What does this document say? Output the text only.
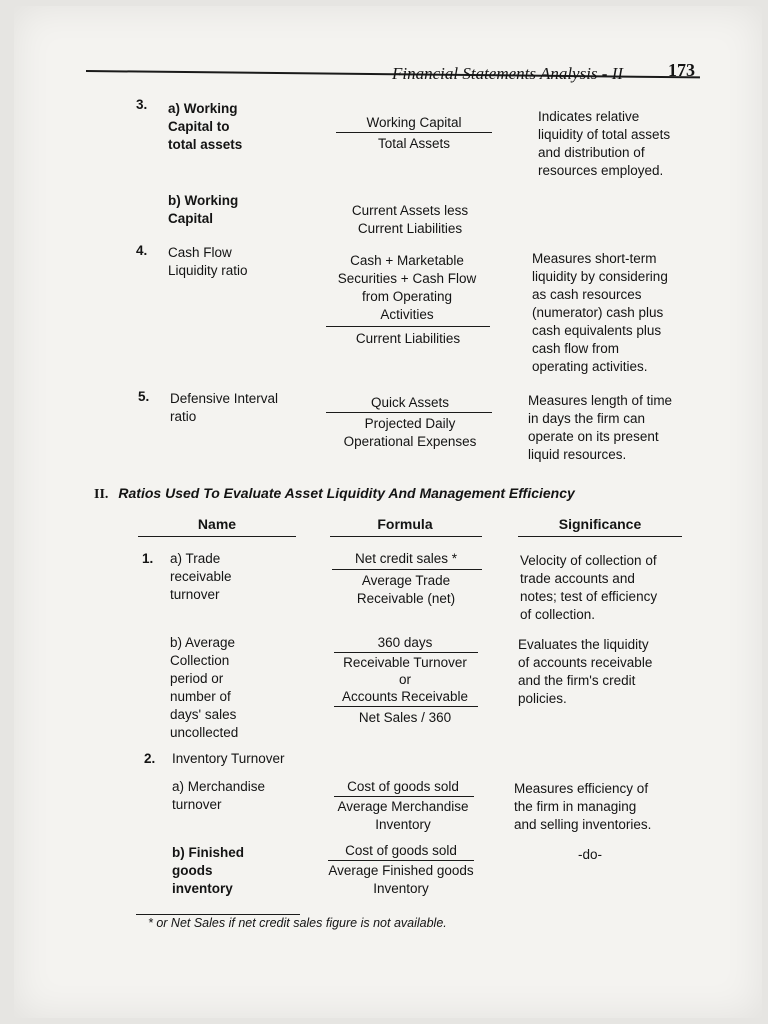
Financial Statements Analysis - II 173
3. a) Working
Capital to
total assets
Working Capital
Total Assets
Indicates relative
liquidity of total assets
and distribution of
resources employed.
b) Working
Capital
Current Assets less
Current Liabilities
4. Cash Flow
Liquidity ratio
Cash + Marketable
Securities + Cash Flow
from Operating
Activities
Current Liabilities
Measures short-term
liquidity by considering
as cash resources
(numerator) cash plus
cash equivalents plus
cash flow from
operating activities.
5. Defensive Interval
ratio
Quick Assets
Projected Daily
Operational Expenses
Measures length of time
in days the firm can
operate on its present
liquid resources.
II. Ratios Used To Evaluate Asset Liquidity And Management Efficiency
Name	Formula	Significance
1. a) Trade
receivable
turnover
Net credit sales *
Average Trade
Receivable (net)
Velocity of collection of
trade accounts and
notes; test of efficiency
of collection.
b) Average
Collection
period or
number of
days' sales
uncollected
360 days
Receivable Turnover
or
Accounts Receivable
Net Sales / 360
Evaluates the liquidity
of accounts receivable
and the firm's credit
policies.
2. Inventory Turnover
a) Merchandise
turnover
Cost of goods sold
Average Merchandise
Inventory
Measures efficiency of
the firm in managing
and selling inventories.
b) Finished
goods
inventory
Cost of goods sold
Average Finished goods
Inventory
-do-
* or Net Sales if net credit sales figure is not available.
